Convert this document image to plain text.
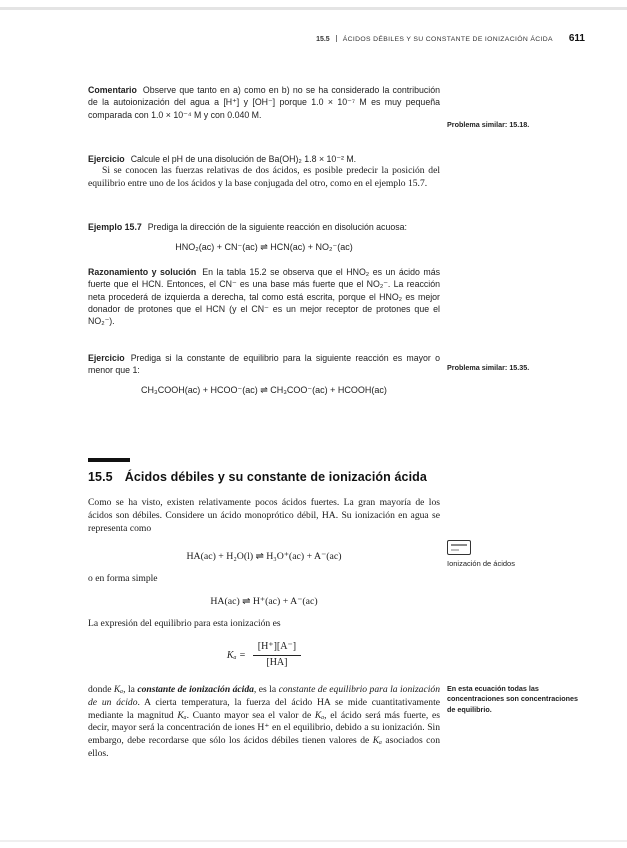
15.5 ÁCIDOS DÉBILES Y SU CONSTANTE DE IONIZACIÓN ÁCIDA 611

Comentario Observe que tanto en a) como en b) no se ha considerado la contribución de la autoionización del agua a [H⁺] y [OH⁻] porque 1.0 × 10⁻⁷ M es muy pequeña comparada con 1.0 × 10⁻⁴ M y con 0.040 M.

Ejercicio Calcule el pH de una disolución de Ba(OH)₂ 1.8 × 10⁻² M.

Si se conocen las fuerzas relativas de dos ácidos, es posible predecir la posición del equilibrio entre uno de los ácidos y la base conjugada del otro, como en el ejemplo 15.7.

Ejemplo 15.7 Prediga la dirección de la siguiente reacción en disolución acuosa:

HNO₂(ac) + CN⁻(ac) ⇌ HCN(ac) + NO₂⁻(ac)

Razonamiento y solución En la tabla 15.2 se observa que el HNO₂ es un ácido más fuerte que el HCN. Entonces, el CN⁻ es una base más fuerte que el NO₂⁻. La reacción neta procederá de izquierda a derecha, tal como está escrita, porque el HNO₂ es mejor donador de protones que el HCN (y el CN⁻ es un mejor receptor de protones que el NO₂⁻).

Ejercicio Prediga si la constante de equilibrio para la siguiente reacción es mayor o menor que 1:

CH₃COOH(ac) + HCOO⁻(ac) ⇌ CH₃COO⁻(ac) + HCOOH(ac)

15.5 Ácidos débiles y su constante de ionización ácida

Como se ha visto, existen relativamente pocos ácidos fuertes. La gran mayoría de los ácidos son débiles. Considere un ácido monoprótico débil, HA. Su ionización en agua se representa como

HA(ac) + H₂O(l) ⇌ H₃O⁺(ac) + A⁻(ac)

o en forma simple

HA(ac) ⇌ H⁺(ac) + A⁻(ac)

La expresión del equilibrio para esta ionización es

$K_a = \frac{[H^+][A^-]}{[HA]}$

donde Kₐ, la constante de ionización ácida, es la constante de equilibrio para la ionización de un ácido. A cierta temperatura, la fuerza del ácido HA se mide cuantitativamente mediante la magnitud Kₐ. Cuanto mayor sea el valor de Kₐ, el ácido será más fuerte, es decir, mayor será la concentración de iones H⁺ en el equilibrio, debido a su ionización. Sin embargo, debe recordarse que sólo los ácidos débiles tienen valores de Kₐ asociados con ellos.

Problema similar: 15.18.
Problema similar: 15.35.
Ionización de ácidos
En esta ecuación todas las concentraciones son concentraciones de equilibrio.
